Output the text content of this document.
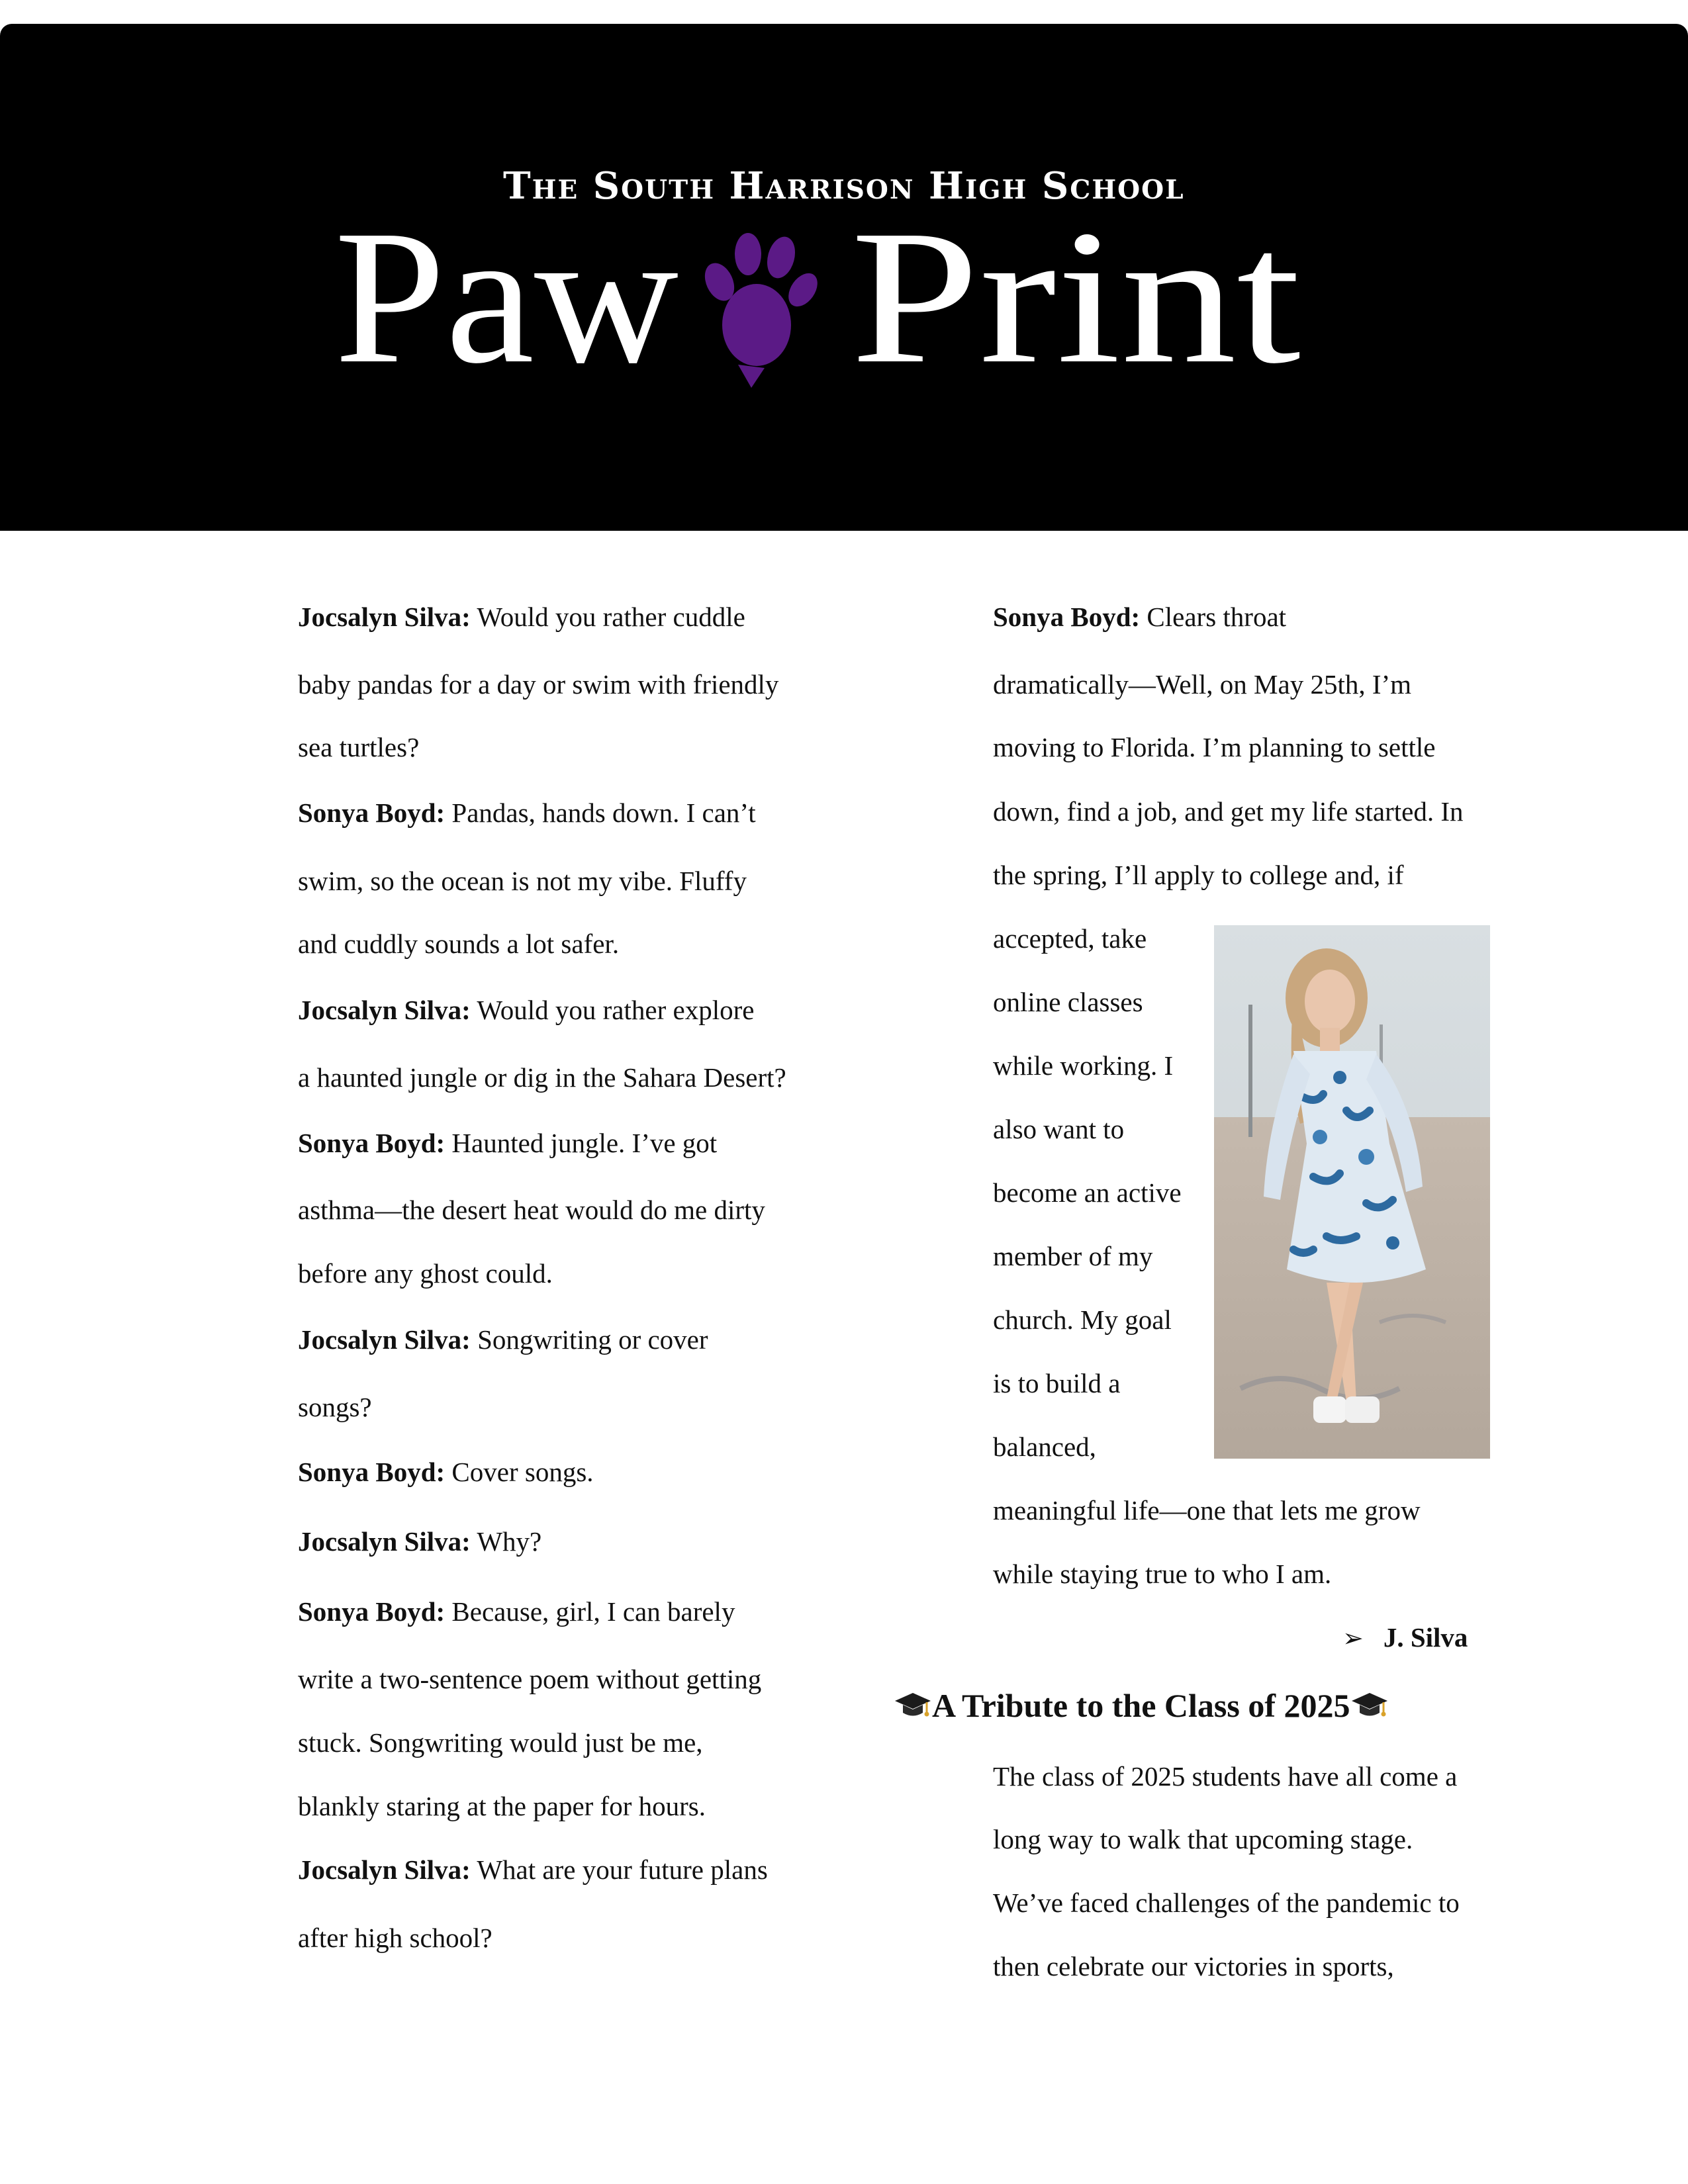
The South Harrison High School
Paw Print
Jocsalyn Silva: Would you rather cuddle
baby pandas for a day or swim with friendly
sea turtles?
Sonya Boyd: Pandas, hands down. I can’t
swim, so the ocean is not my vibe. Fluffy
and cuddly sounds a lot safer.
Jocsalyn Silva: Would you rather explore
a haunted jungle or dig in the Sahara Desert?
Sonya Boyd: Haunted jungle. I’ve got
asthma—the desert heat would do me dirty
before any ghost could.
Jocsalyn Silva: Songwriting or cover
songs?
Sonya Boyd: Cover songs.
Jocsalyn Silva: Why?
Sonya Boyd: Because, girl, I can barely
write a two-sentence poem without getting
stuck. Songwriting would just be me,
blankly staring at the paper for hours.
Jocsalyn Silva: What are your future plans
after high school?
Sonya Boyd: Clears throat
dramatically—Well, on May 25th, I’m
moving to Florida. I’m planning to settle
down, find a job, and get my life started. In
the spring, I’ll apply to college and, if
accepted, take
online classes
while working. I
also want to
become an active
member of my
church. My goal
is to build a
balanced,
meaningful life—one that lets me grow
while staying true to who I am.
➢ J. Silva
A Tribute to the Class of 2025
The class of 2025 students have all come a
long way to walk that upcoming stage.
We’ve faced challenges of the pandemic to
then celebrate our victories in sports,
